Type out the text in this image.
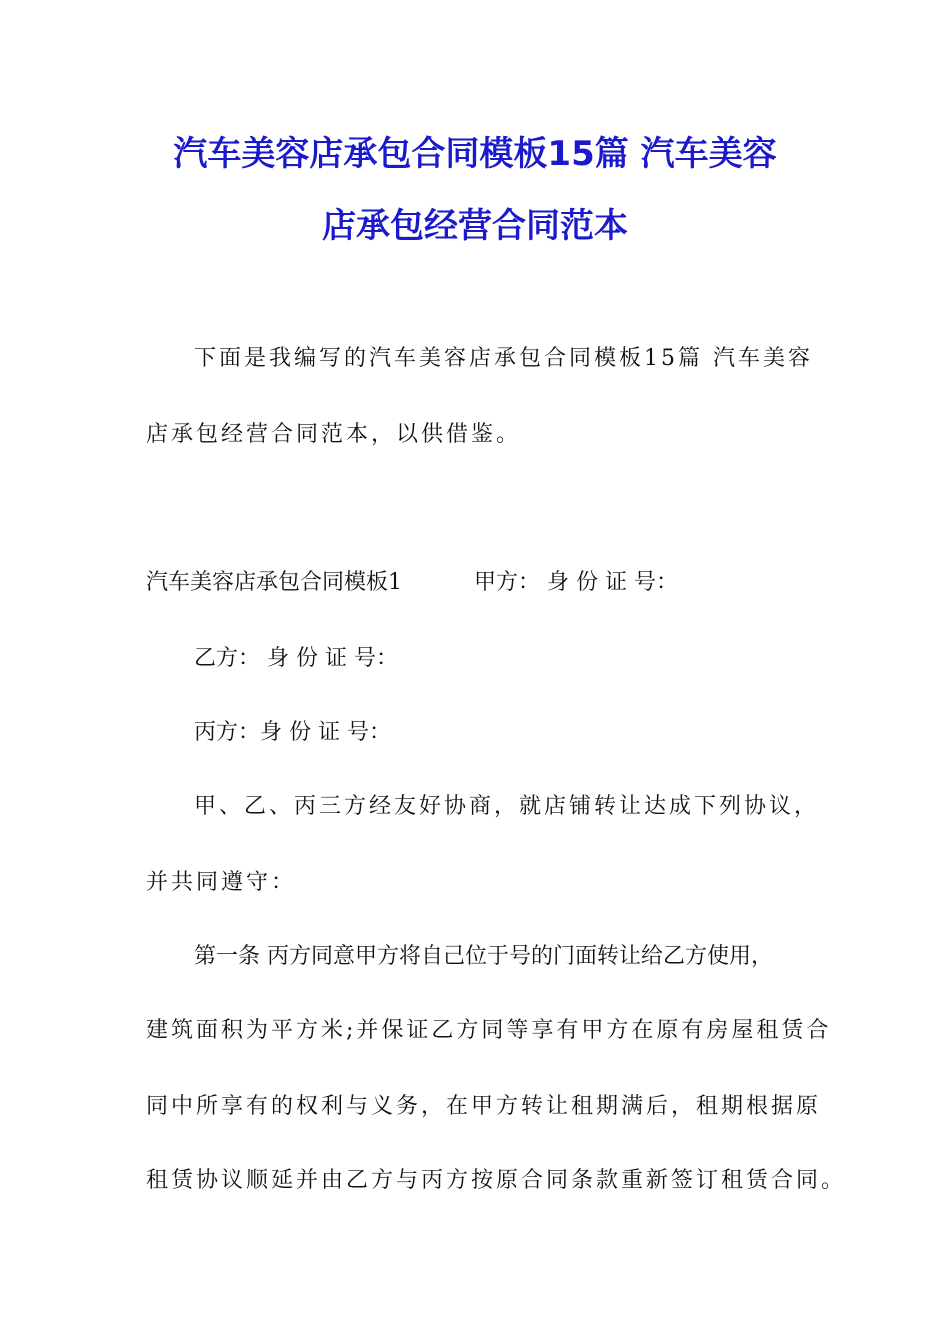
汽车美容店承包合同模板15篇 汽车美容
店承包经营合同范本
下面是我编写的汽车美容店承包合同模板15篇 汽车美容
店承包经营合同范本，以供借鉴。
汽车美容店承包合同模板1	甲方： 身 份 证 号：
乙方： 身 份 证 号：
丙方：身 份 证 号：
甲、乙、丙三方经友好协商，就店铺转让达成下列协议，
并共同遵守：
第一条 丙方同意甲方将自己位于号的门面转让给乙方使用，
建筑面积为平方米;并保证乙方同等享有甲方在原有房屋租赁合
同中所享有的权利与义务，在甲方转让租期满后，租期根据原
租赁协议顺延并由乙方与丙方按原合同条款重新签订租赁合同。
